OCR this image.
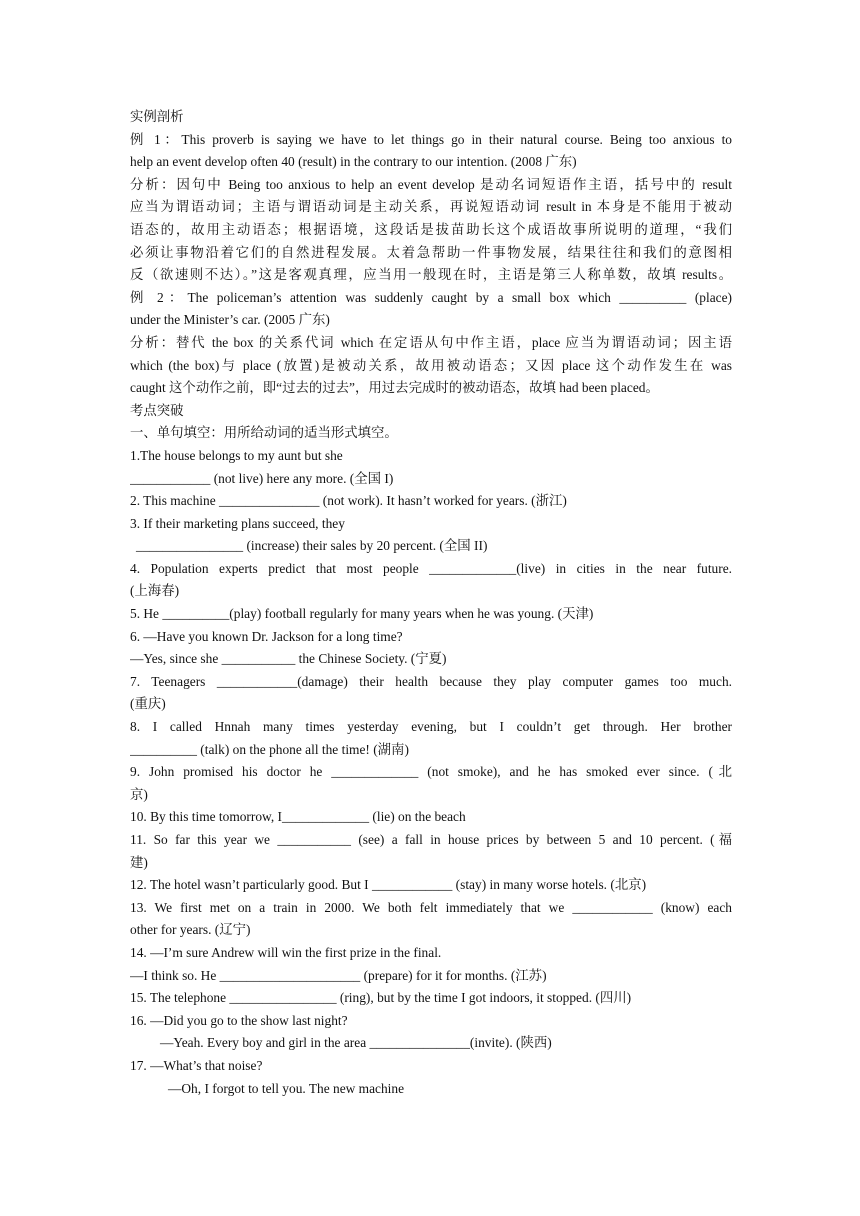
实例剖析
例 1：This proverb is saying we have to let things go in their natural course. Being too anxious to
help an event develop often 40 (result) in the contrary to our intention. (2008 广东)
分析：因句中 Being too anxious to help an event develop 是动名词短语作主语，括号中的 result
应当为谓语动词；主语与谓语动词是主动关系，再说短语动词 result in 本身是不能用于被动
语态的，故用主动语态；根据语境，这段话是拔苗助长这个成语故事所说明的道理，“我们
必须让事物沿着它们的自然进程发展。太着急帮助一件事物发展，结果往往和我们的意图相
反（欲速则不达）。”这是客观真理，应当用一般现在时，主语是第三人称单数，故填 results。
例 2：The policeman’s attention was suddenly caught by a small box which __________ (place)
under the Minister’s car. (2005 广东)
分析：替代 the box 的关系代词 which 在定语从句中作主语，place 应当为谓语动词；因主语
which (the box)与 place (放置)是被动关系，故用被动语态；又因 place 这个动作发生在 was
caught 这个动作之前，即“过去的过去”，用过去完成时的被动语态，故填 had been placed。
考点突破
一、单句填空：用所给动词的适当形式填空。
1.The house belongs to my aunt but she
____________ (not live) here any more. (全国 I)
2. This machine _______________ (not work). It hasn’t worked for years. (浙江)
3. If their marketing plans succeed, they
________________ (increase) their sales by 20 percent. (全国 II)
4. Population experts predict that most people _____________(live) in cities in the near future.
(上海春)
5. He __________(play) football regularly for many years when he was young. (天津)
6. —Have you known Dr. Jackson for a long time?
—Yes, since she ___________ the Chinese Society. (宁夏)
7. Teenagers ____________(damage) their health because they play computer games too much.
(重庆)
8. I called Hnnah many times yesterday evening, but I couldn’t get through. Her brother
__________ (talk) on the phone all the time! (湖南)
9. John promised his doctor he _____________ (not smoke), and he has smoked ever since. (北
京)
10. By this time tomorrow, I_____________ (lie) on the beach
11. So far this year we ___________ (see) a fall in house prices by between 5 and 10 percent. (福
建)
12. The hotel wasn’t particularly good. But I ____________ (stay) in many worse hotels. (北京)
13. We first met on a train in 2000. We both felt immediately that we ____________ (know) each
other for years. (辽宁)
14. —I’m sure Andrew will win the first prize in the final.
—I think so. He _____________________ (prepare) for it for months. (江苏)
15. The telephone ________________ (ring), but by the time I got indoors, it stopped. (四川)
16. —Did you go to the show last night?
—Yeah. Every boy and girl in the area _______________(invite). (陕西)
17. —What’s that noise?
—Oh, I forgot to tell you. The new machine
